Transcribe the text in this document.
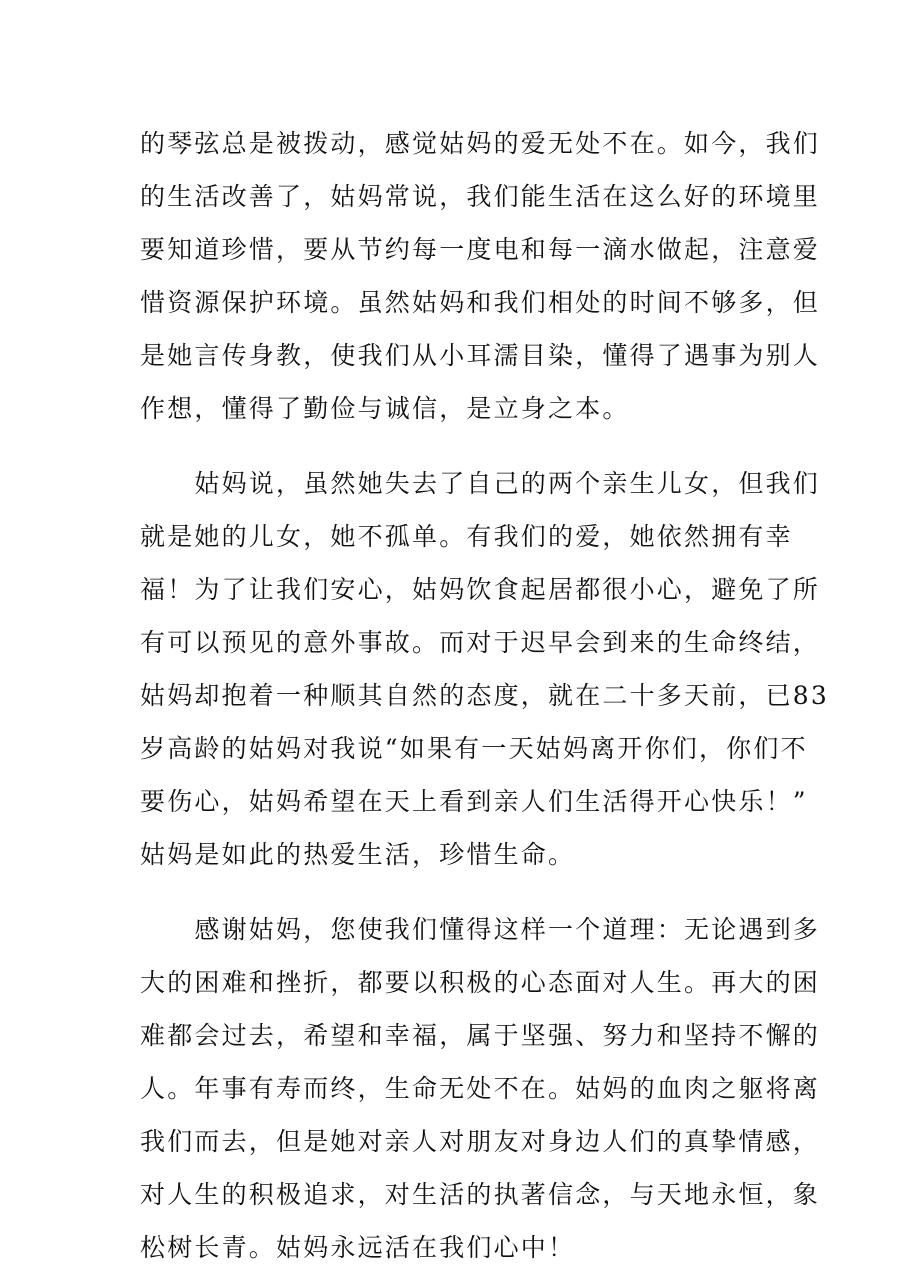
的琴弦总是被拨动，感觉姑妈的爱无处不在。如今，我们
的生活改善了，姑妈常说，我们能生活在这么好的环境里
要知道珍惜，要从节约每一度电和每一滴水做起，注意爱
惜资源保护环境。虽然姑妈和我们相处的时间不够多，但
是她言传身教，使我们从小耳濡目染，懂得了遇事为别人
作想，懂得了勤俭与诚信，是立身之本。
　　姑妈说，虽然她失去了自己的两个亲生儿女，但我们
就是她的儿女，她不孤单。有我们的爱，她依然拥有幸
福！为了让我们安心，姑妈饮食起居都很小心，避免了所
有可以预见的意外事故。而对于迟早会到来的生命终结，
姑妈却抱着一种顺其自然的态度，就在二十多天前，已83
岁高龄的姑妈对我说“如果有一天姑妈离开你们，你们不
要伤心，姑妈希望在天上看到亲人们生活得开心快乐！”
姑妈是如此的热爱生活，珍惜生命。
　　感谢姑妈，您使我们懂得这样一个道理：无论遇到多
大的困难和挫折，都要以积极的心态面对人生。再大的困
难都会过去，希望和幸福，属于坚强、努力和坚持不懈的
人。年事有寿而终，生命无处不在。姑妈的血肉之躯将离
我们而去，但是她对亲人对朋友对身边人们的真挚情感，
对人生的积极追求，对生活的执著信念，与天地永恒，象
松树长青。姑妈永远活在我们心中！
